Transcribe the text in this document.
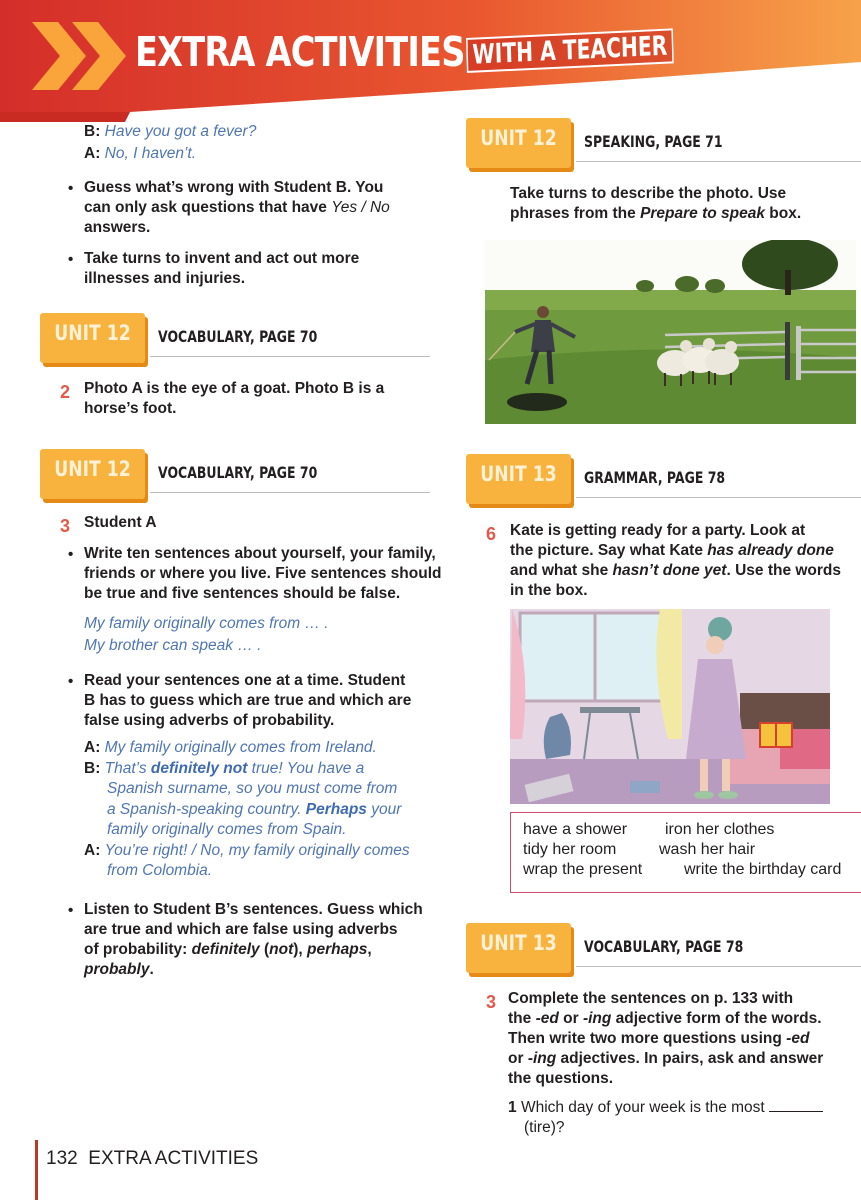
EXTRA ACTIVITIES WITH A TEACHER
B: Have you got a fever?
A: No, I haven’t.
• Guess what’s wrong with Student B. You
can only ask questions that have Yes / No
answers.
• Take turns to invent and act out more
illnesses and injuries.
UNIT 12 VOCABULARY, PAGE 70
2 Photo A is the eye of a goat. Photo B is a
horse’s foot.
UNIT 12 VOCABULARY, PAGE 70
3 Student A
• Write ten sentences about yourself, your family,
friends or where you live. Five sentences should
be true and five sentences should be false.
My family originally comes from … .
My brother can speak … .
• Read your sentences one at a time. Student
B has to guess which are true and which are
false using adverbs of probability.
A: My family originally comes from Ireland.
B: That’s definitely not true! You have a
Spanish surname, so you must come from
a Spanish-speaking country. Perhaps your
family originally comes from Spain.
A: You’re right! / No, my family originally comes
from Colombia.
• Listen to Student B’s sentences. Guess which
are true and which are false using adverbs
of probability: definitely (not), perhaps,
probably.
UNIT 12 SPEAKING, PAGE 71
Take turns to describe the photo. Use
phrases from the Prepare to speak box.
UNIT 13 GRAMMAR, PAGE 78
6 Kate is getting ready for a party. Look at
the picture. Say what Kate has already done
and what she hasn’t done yet. Use the words
in the box.
have a shower iron her clothes
tidy her room	wash her hair
wrap the present	write the birthday card
UNIT 13 VOCABULARY, PAGE 78
3 Complete the sentences on p. 133 with
the -ed or -ing adjective form of the words.
Then write two more questions using -ed
or -ing adjectives. In pairs, ask and answer
the questions.
1 Which day of your week is the most
(tire)?
132 EXTRA ACTIVITIES
